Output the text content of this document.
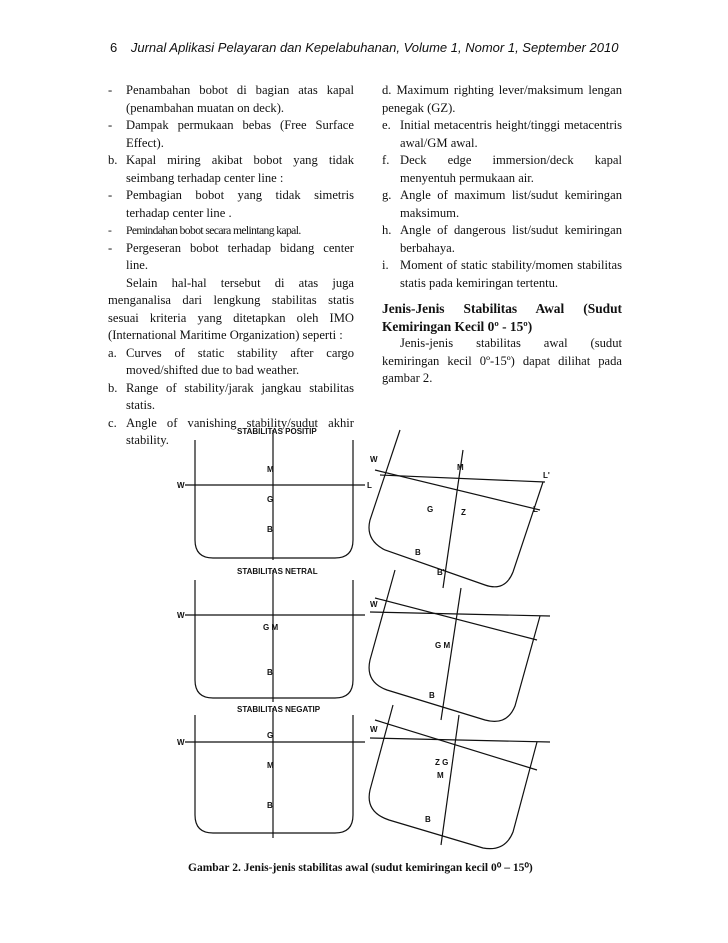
6 Jurnal Aplikasi Pelayaran dan Kepelabuhanan, Volume 1, Nomor 1, September 2010
- Penambahan bobot di bagian atas kapal (penambahan muatan on deck).
- Dampak permukaan bebas (Free Surface Effect).
b. Kapal miring akibat bobot yang tidak seimbang terhadap center line :
- Pembagian bobot yang tidak simetris terhadap center line .
- Pemindahan bobot secara melintang kapal.
- Pergeseran bobot terhadap bidang center line.
Selain hal-hal tersebut di atas juga menganalisa dari lengkung stabilitas statis sesuai kriteria yang ditetapkan oleh IMO (International Maritime Organization) seperti :
a. Curves of static stability after cargo moved/shifted due to bad weather.
b. Range of stability/jarak jangkau stabilitas statis.
c. Angle of vanishing stability/sudut akhir stability.
d. Maximum righting lever/maksimum lengan penegak (GZ).
e. Initial metacentris height/tinggi metacentris awal/GM awal.
f. Deck edge immersion/deck kapal menyentuh permukaan air.
g. Angle of maximum list/sudut kemiringan maksimum.
h. Angle of dangerous list/sudut kemiringan berbahaya.
i. Moment of static stability/momen stabilitas statis pada kemiringan tertentu.
Jenis-Jenis Stabilitas Awal (Sudut Kemiringan Kecil 0º - 15º)
Jenis-jenis stabilitas awal (sudut kemiringan kecil 0º-15º) dapat dilihat pada gambar 2.
STABILITAS POSITIP
STABILITAS NETRAL
STABILITAS NEGATIP
M
G
B
W	L
G M
B
W
G
M
B
W
M
Z
G
B
B'
L'
L
G M
B
Z G
M
B
W
W
W
Gambar 2. Jenis-jenis stabilitas awal (sudut kemiringan kecil 0⁰ – 15⁰)
